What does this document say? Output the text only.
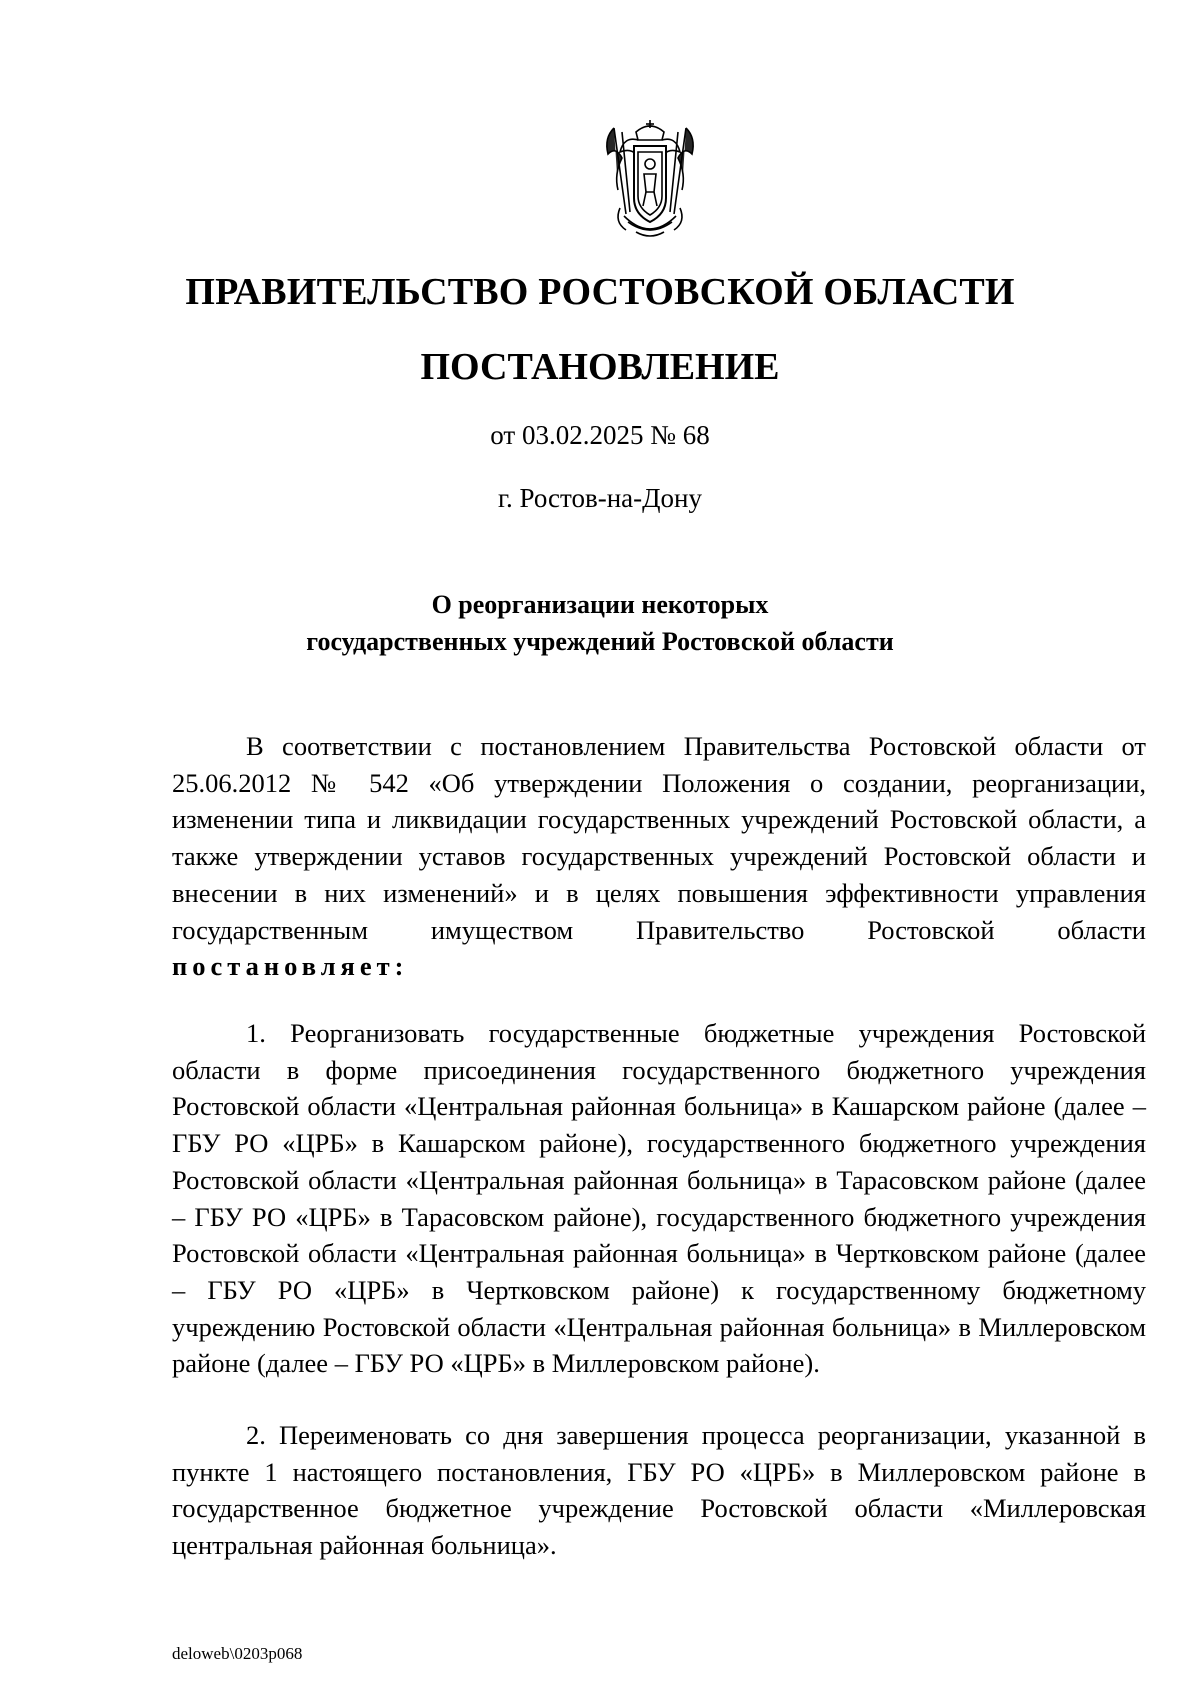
ПРАВИТЕЛЬСТВО РОСТОВСКОЙ ОБЛАСТИ
ПОСТАНОВЛЕНИЕ
от 03.02.2025 № 68
г. Ростов-на-Дону
О реорганизации некоторых
государственных учреждений Ростовской области

В соответствии с постановлением Правительства Ростовской области от 25.06.2012 № 542 «Об утверждении Положения о создании, реорганизации, изменении типа и ликвидации государственных учреждений Ростовской области, а также утверждении уставов государственных учреждений Ростовской области и внесении в них изменений» и в целях повышения эффективности управления государственным имуществом Правительство Ростовской области постановляет:

1. Реорганизовать государственные бюджетные учреждения Ростовской области в форме присоединения государственного бюджетного учреждения Ростовской области «Центральная районная больница» в Кашарском районе (далее – ГБУ РО «ЦРБ» в Кашарском районе), государственного бюджетного учреждения Ростовской области «Центральная районная больница» в Тарасовском районе (далее – ГБУ РО «ЦРБ» в Тарасовском районе), государственного бюджетного учреждения Ростовской области «Центральная районная больница» в Чертковском районе (далее – ГБУ РО «ЦРБ» в Чертковском районе) к государственному бюджетному учреждению Ростовской области «Центральная районная больница» в Миллеровском районе (далее – ГБУ РО «ЦРБ» в Миллеровском районе).

2. Переименовать со дня завершения процесса реорганизации, указанной в пункте 1 настоящего постановления, ГБУ РО «ЦРБ» в Миллеровском районе в государственное бюджетное учреждение Ростовской области «Миллеровская центральная районная больница».

deloweb\0203р068
